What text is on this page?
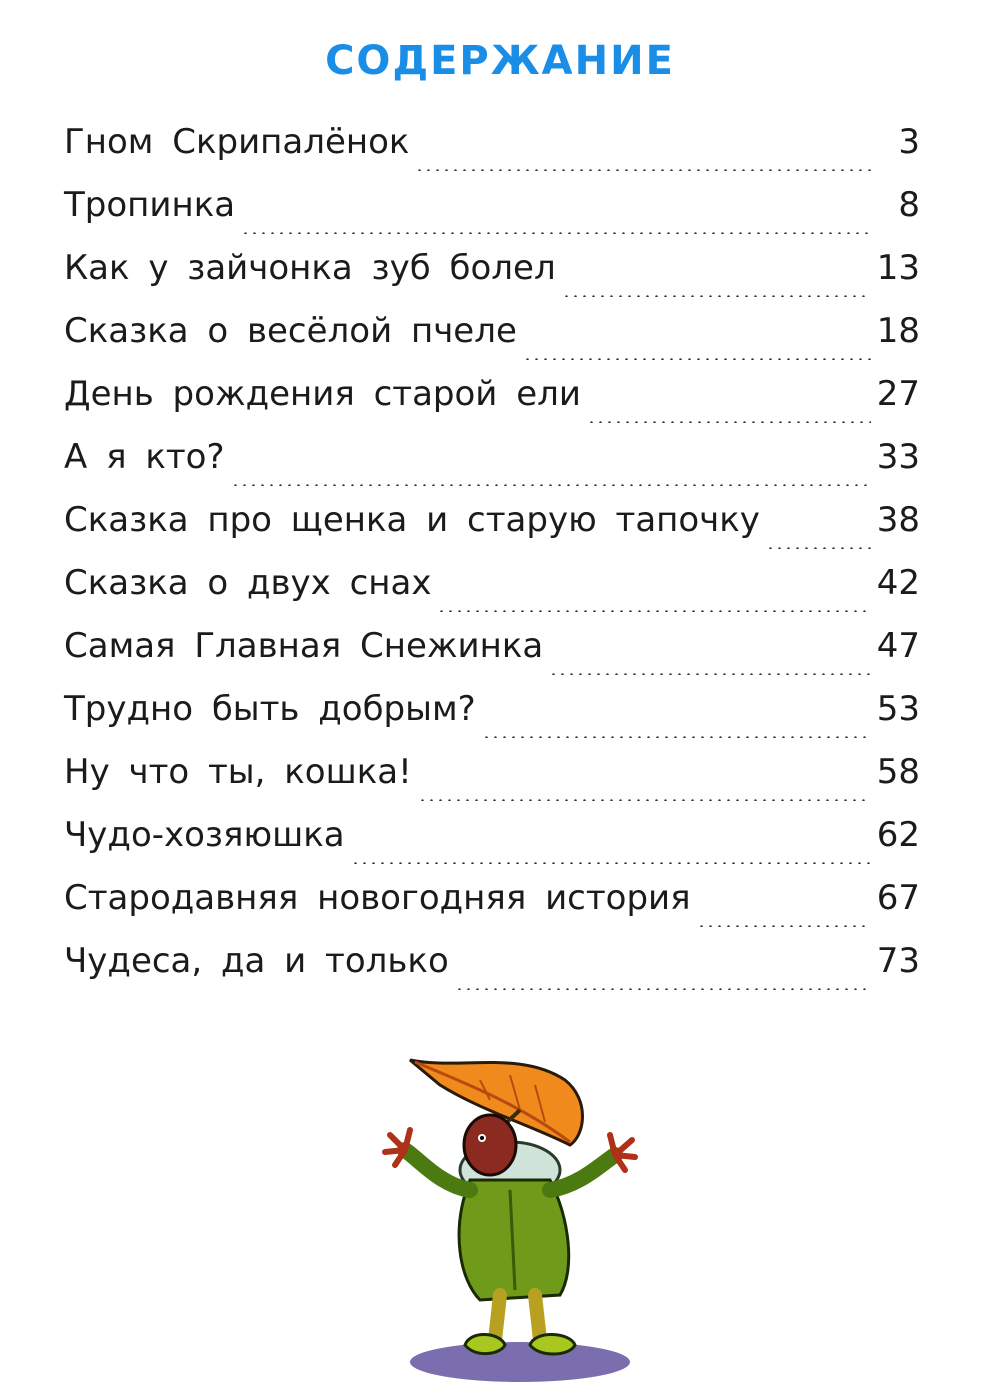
СОДЕРЖАНИЕ
Гном Скрипалёнок	3
Тропинка	8
Как у зайчонка зуб болел	13
Сказка о весёлой пчеле	18
День рождения старой ели	27
А я кто?	33
Сказка про щенка и старую тапочку	38
Сказка о двух снах	42
Самая Главная Снежинка	47
Трудно быть добрым?	53
Ну что ты, кошка!	58
Чудо-хозяюшка	62
Стародавняя новогодняя история	67
Чудеса, да и только	73
